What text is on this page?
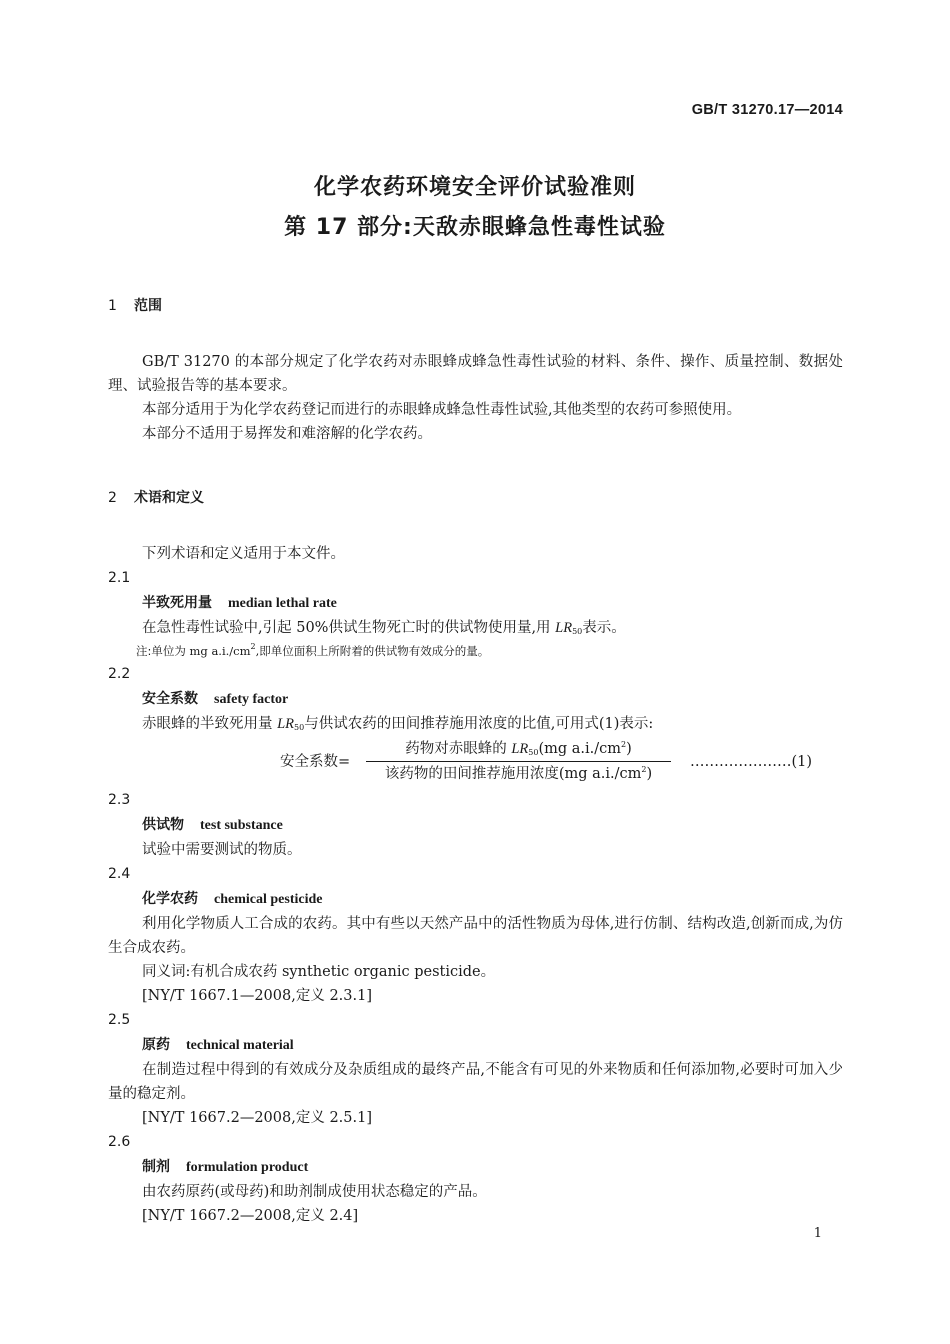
GB/T 31270.17—2014
化学农药环境安全评价试验准则
第 17 部分:天敌赤眼蜂急性毒性试验
1 范围

GB/T 31270 的本部分规定了化学农药对赤眼蜂成蜂急性毒性试验的材料、条件、操作、质量控制、数据处理、试验报告等的基本要求。

本部分适用于为化学农药登记而进行的赤眼蜂成蜂急性毒性试验,其他类型的农药可参照使用。

本部分不适用于易挥发和难溶解的化学农药。

2 术语和定义

下列术语和定义适用于本文件。

2.1
半致死用量 median lethal rate
在急性毒性试验中,引起 50%供试生物死亡时的供试物使用量,用 $LR_{50}$表示。
注:单位为 mg $a.i./cm^2$,即单位面积上所附着的供试物有效成分的量。
2.2
安全系数 safety factor
赤眼蜂的半致死用量 $LR_{50}$与供试农药的田间推荐施用浓度的比值,可用式(1)表示:
安全系数=
药物对赤眼蜂的 $LR_{50}(mg$ $a.i./cm^2$)
该药物的田间推荐施用浓度(mg $a.i./cm^2$)
…………………(1)
2.3
供试物 test substance
试验中需要测试的物质。
2.4
化学农药 chemical pesticide

利用化学物质人工合成的农药。其中有些以天然产品中的活性物质为母体,进行仿制、结构改造,创新而成,为仿生合成农药。

同义词:有机合成农药 synthetic organic pesticide。
[NY/T 1667.1—2008,定义 2.3.1]
2.5
原药 technical material

在制造过程中得到的有效成分及杂质组成的最终产品,不能含有可见的外来物质和任何添加物,必要时可加入少量的稳定剂。

[NY/T 1667.2—2008,定义 2.5.1]
2.6
制剂 formulation product
由农药原药(或母药)和助剂制成使用状态稳定的产品。
[NY/T 1667.2—2008,定义 2.4]
1
